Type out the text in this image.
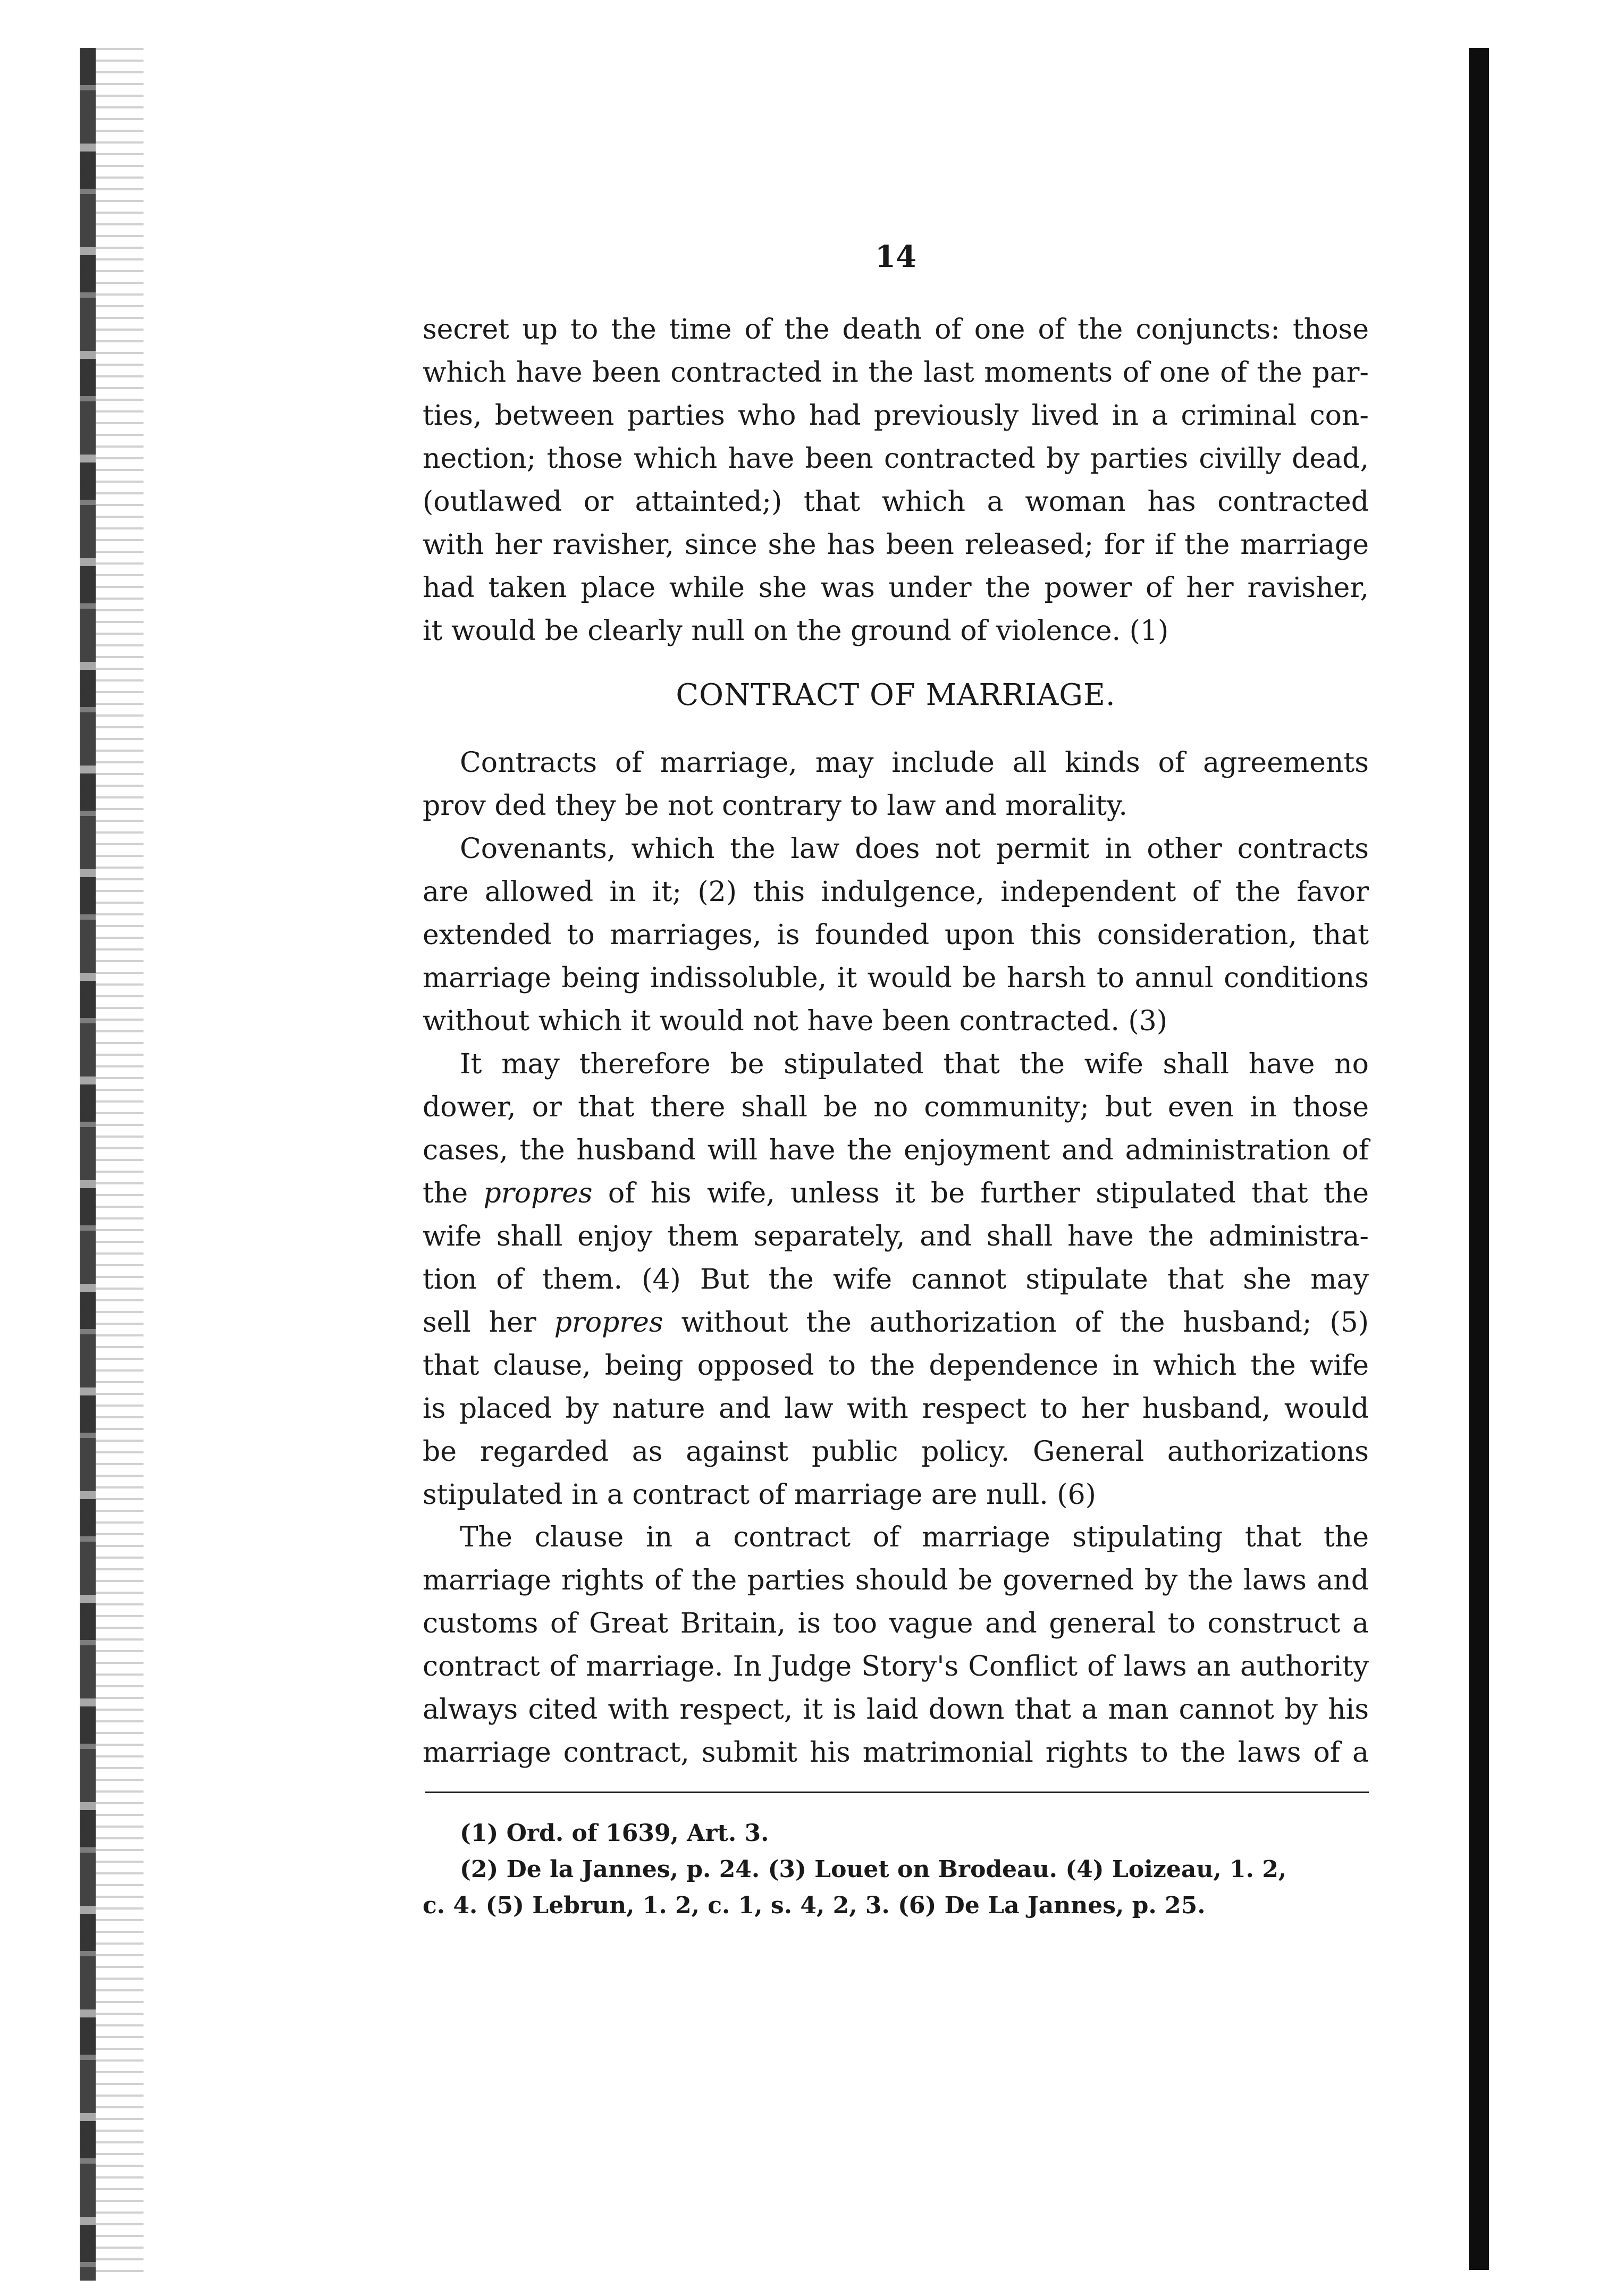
14
secret up to the time of the death of one of the conjuncts: those
which have been contracted in the last moments of one of the par-
ties, between parties who had previously lived in a criminal con-
nection; those which have been contracted by parties civilly dead,
(outlawed or attainted;) that which a woman has contracted
with her ravisher, since she has been released; for if the marriage
had taken place while she was under the power of her ravisher,
it would be clearly null on the ground of violence. (1)
CONTRACT OF MARRIAGE.
Contracts of marriage, may include all kinds of agreements
prov ded they be not contrary to law and morality.
Covenants, which the law does not permit in other contracts
are allowed in it; (2) this indulgence, independent of the favor
extended to marriages, is founded upon this consideration, that
marriage being indissoluble, it would be harsh to annul conditions
without which it would not have been contracted. (3)
It may therefore be stipulated that the wife shall have no
dower, or that there shall be no community; but even in those
cases, the husband will have the enjoyment and administration of
the propres of his wife, unless it be further stipulated that the
wife shall enjoy them separately, and shall have the administra-
tion of them. (4) But the wife cannot stipulate that she may
sell her propres without the authorization of the husband; (5)
that clause, being opposed to the dependence in which the wife
is placed by nature and law with respect to her husband, would
be regarded as against public policy. General authorizations
stipulated in a contract of marriage are null. (6)
The clause in a contract of marriage stipulating that the
marriage rights of the parties should be governed by the laws and
customs of Great Britain, is too vague and general to construct a
contract of marriage. In Judge Story's Conflict of laws an authority
always cited with respect, it is laid down that a man cannot by his
marriage contract, submit his matrimonial rights to the laws of a
(1) Ord. of 1639, Art. 3.
(2) De la Jannes, p. 24. (3) Louet on Brodeau. (4) Loizeau, 1. 2,
c. 4. (5) Lebrun, 1. 2, c. 1, s. 4, 2, 3. (6) De La Jannes, p. 25.
